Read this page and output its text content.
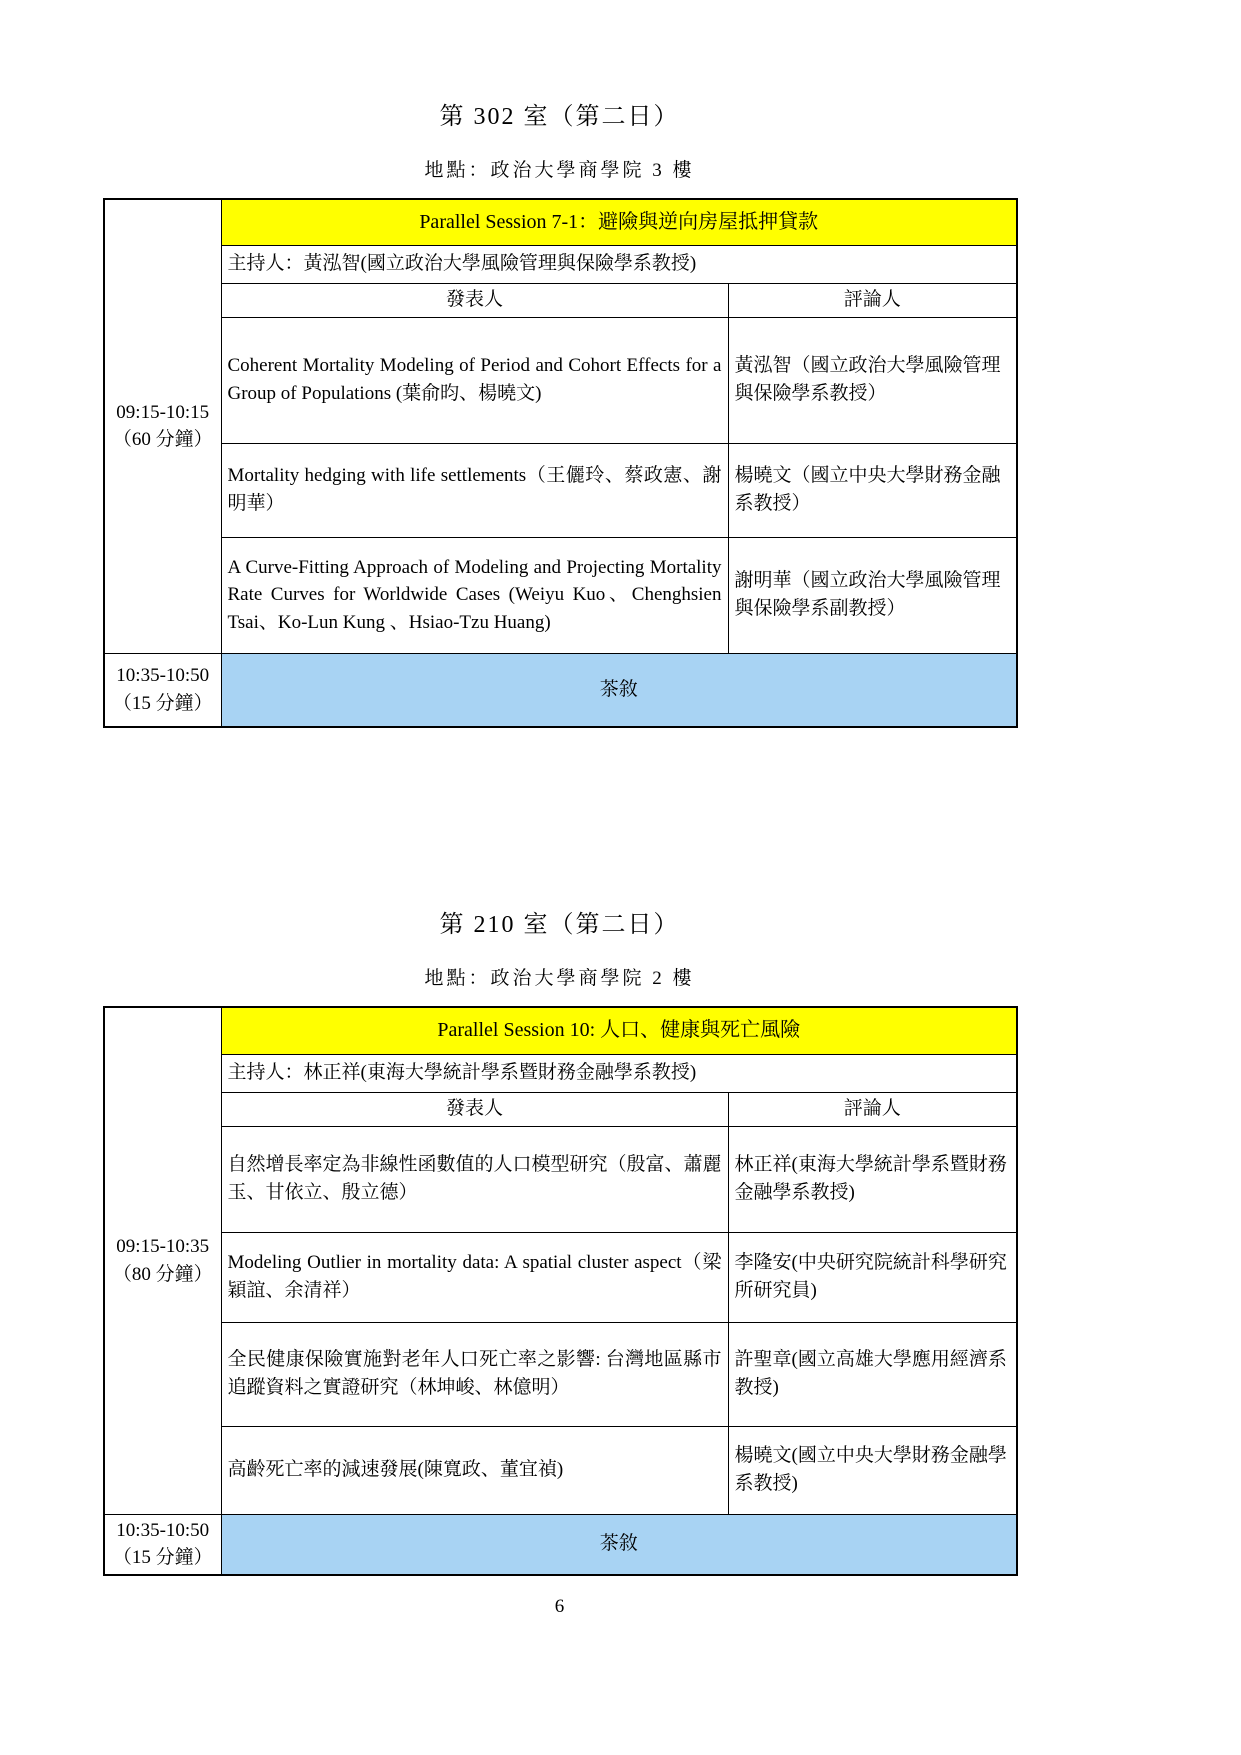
第 302 室（第二日）
地點：政治大學商學院 3 樓
09:15-10:15
（60 分鐘）	Parallel Session 7-1：避險與逆向房屋抵押貸款	
	主持人：黃泓智(國立政治大學風險管理與保險學系教授)	
	發表人	評論人
	Coherent Mortality Modeling of Period and Cohort Effects for a Group of Populations (葉俞昀、楊曉文)	黃泓智（國立政治大學風險管理與保險學系教授）
	Mortality hedging with life settlements（王儷玲、蔡政憲、謝明華）	楊曉文（國立中央大學財務金融系教授）
	A Curve-Fitting Approach of Modeling and Projecting Mortality Rate Curves for Worldwide Cases (Weiyu Kuo、Chenghsien Tsai、Ko-Lun Kung 、Hsiao-Tzu Huang)	謝明華（國立政治大學風險管理與保險學系副教授）

10:35-10:50
（15 分鐘）	茶敘	
第 210 室（第二日）
地點：政治大學商學院 2 樓
09:15-10:35
（80 分鐘）	Parallel Session 10: 人口、健康與死亡風險	
	主持人：林正祥(東海大學統計學系暨財務金融學系教授)	
	發表人	評論人
	自然增長率定為非線性函數值的人口模型研究（殷富、蕭麗玉、甘依立、殷立德）	林正祥(東海大學統計學系暨財務金融學系教授)
	Modeling Outlier in mortality data: A spatial cluster aspect（梁穎誼、余清祥）	李隆安(中央研究院統計科學研究所研究員)
	全民健康保險實施對老年人口死亡率之影響: 台灣地區縣市追蹤資料之實證研究（林坤峻、林億明）	許聖章(國立高雄大學應用經濟系教授)
	高齡死亡率的減速發展(陳寬政、董宜禎)	楊曉文(國立中央大學財務金融學系教授)

10:35-10:50
（15 分鐘）	茶敘	
6
